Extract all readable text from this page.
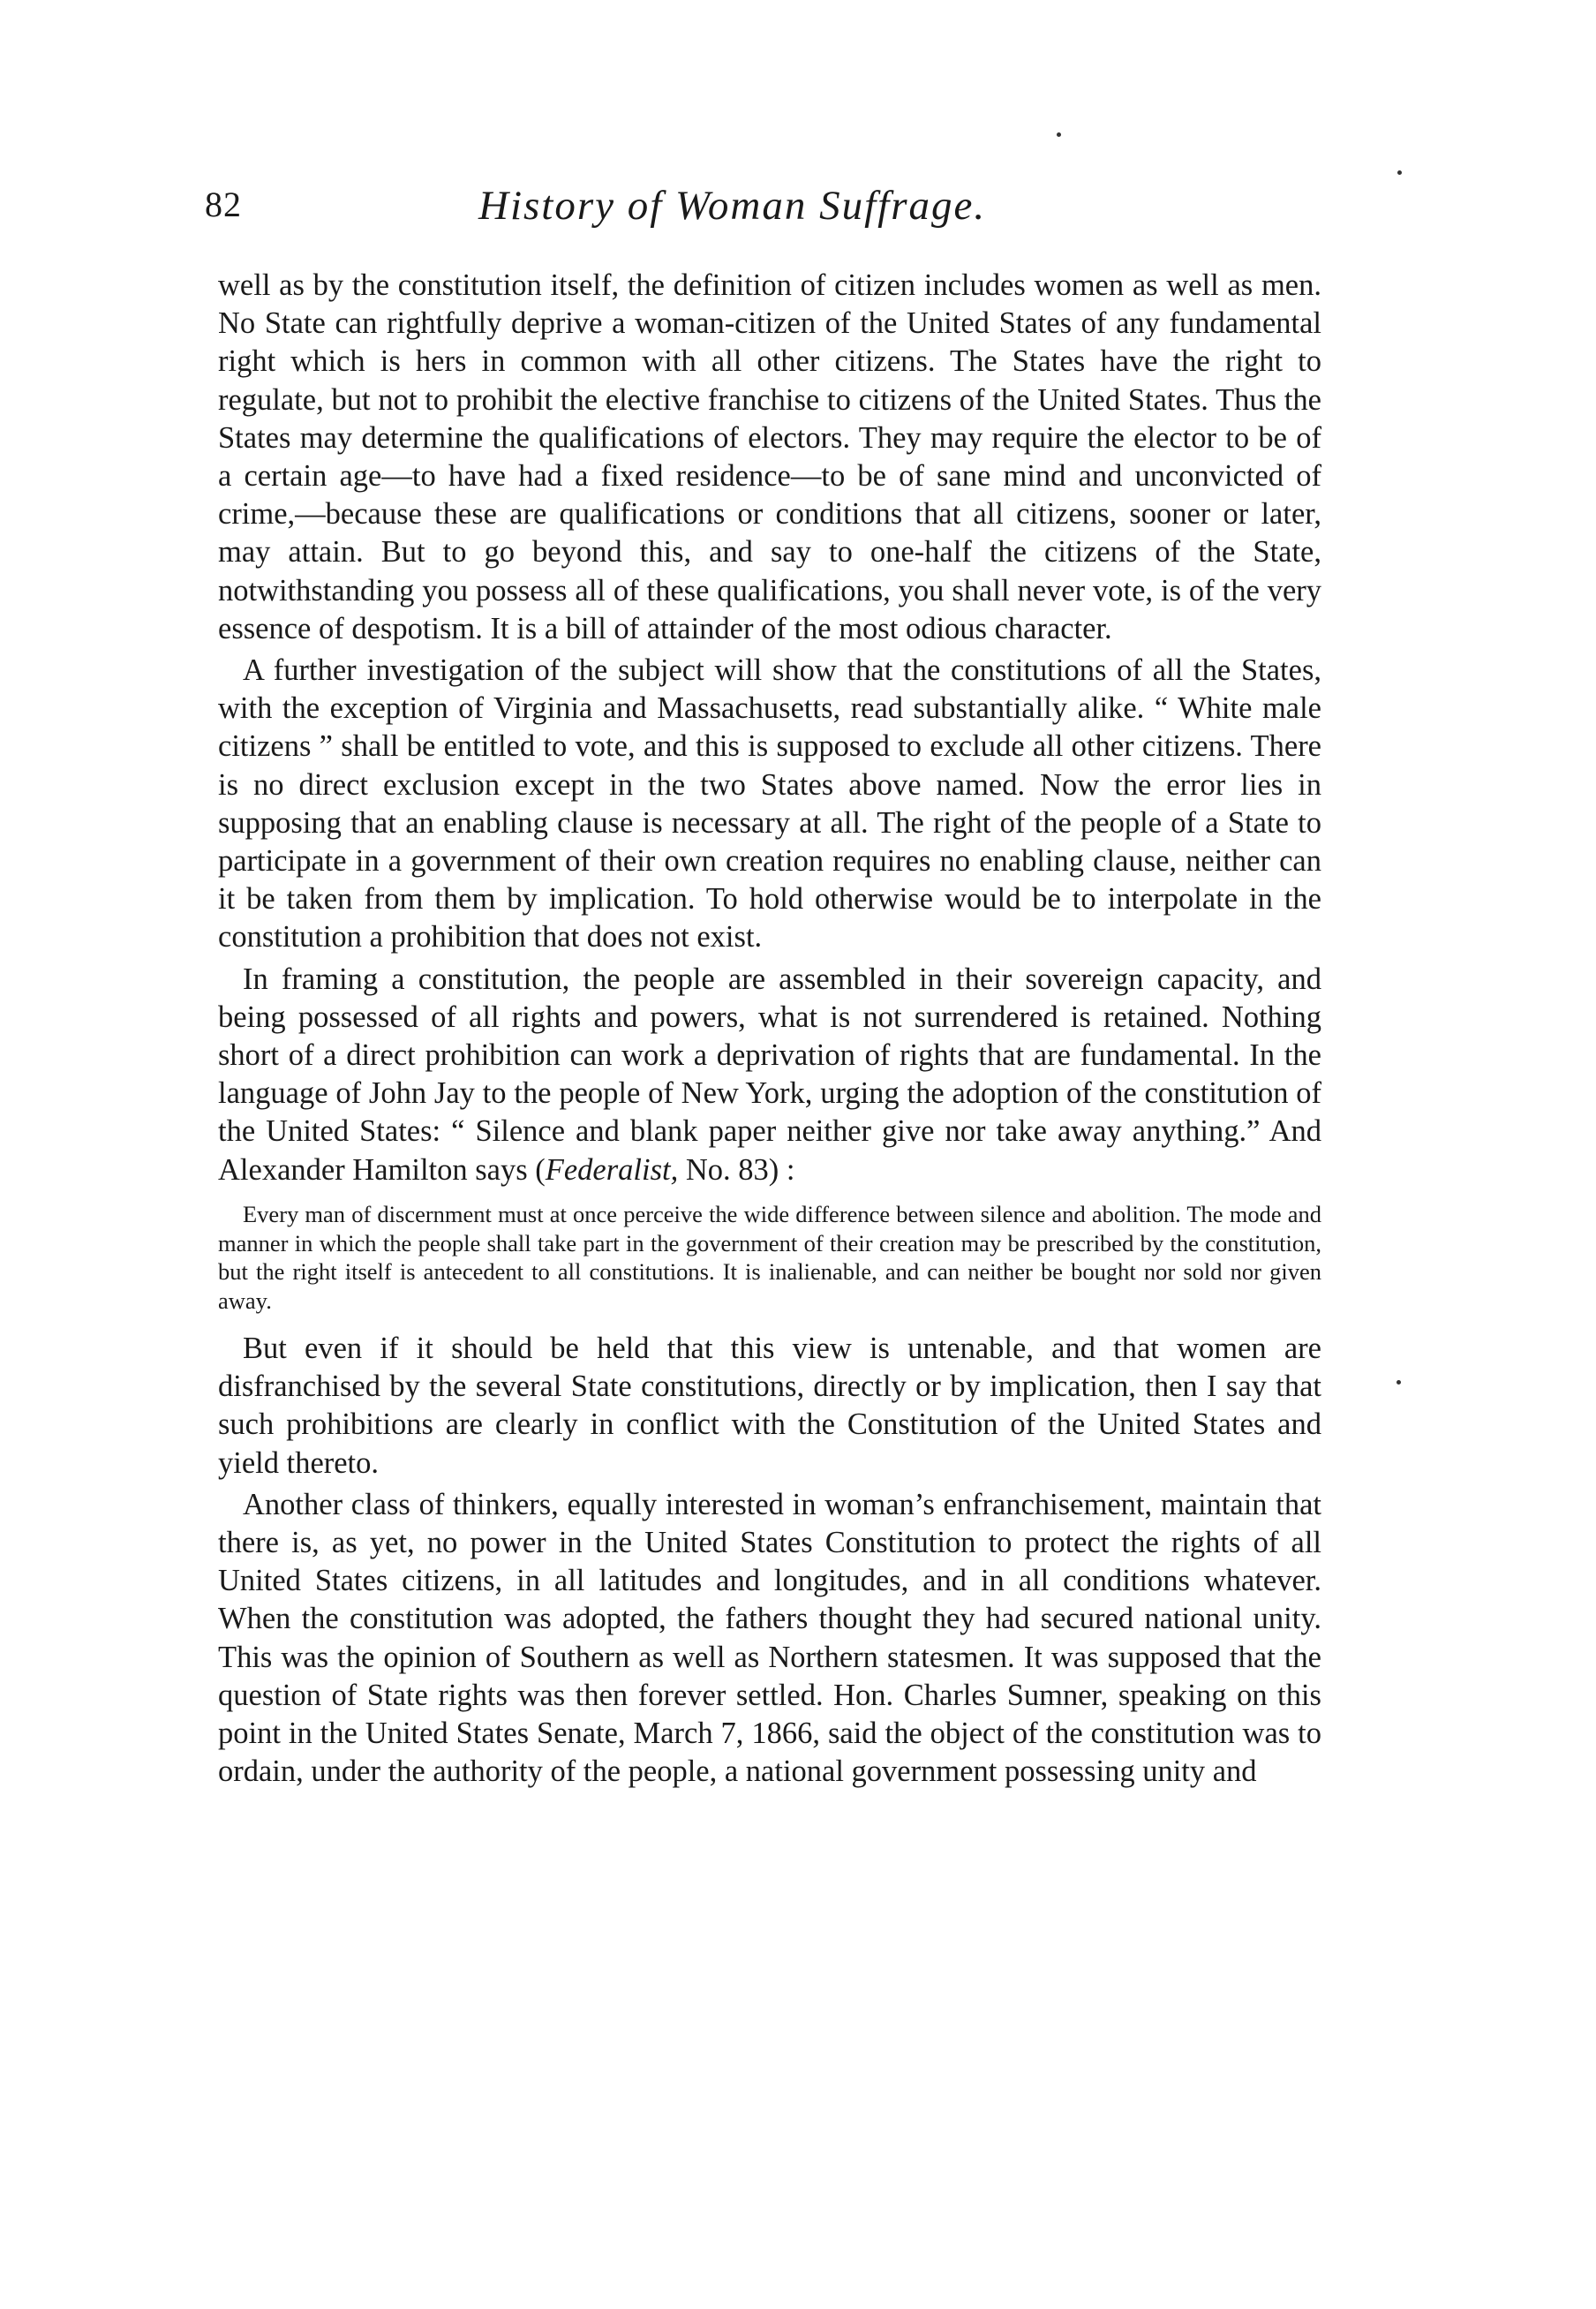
82	History of Woman Suffrage.

well as by the constitution itself, the definition of citizen includes women as well as men. No State can rightfully deprive a woman-citizen of the United States of any fundamental right which is hers in common with all other citizens. The States have the right to regulate, but not to prohibit the elective franchise to citizens of the United States. Thus the States may determine the qualifications of electors. They may require the elector to be of a certain age—to have had a fixed residence—to be of sane mind and unconvicted of crime,—because these are qualifications or conditions that all citizens, sooner or later, may attain. But to go beyond this, and say to one-half the citizens of the State, notwithstanding you possess all of these qualifications, you shall never vote, is of the very essence of despotism. It is a bill of attainder of the most odious character.

A further investigation of the subject will show that the constitutions of all the States, with the exception of Virginia and Massachusetts, read substantially alike. “ White male citizens ” shall be entitled to vote, and this is supposed to exclude all other citizens. There is no direct exclusion except in the two States above named. Now the error lies in supposing that an enabling clause is necessary at all. The right of the people of a State to participate in a government of their own creation requires no enabling clause, neither can it be taken from them by implication. To hold otherwise would be to interpolate in the constitution a prohibition that does not exist.

In framing a constitution, the people are assembled in their sovereign capacity, and being possessed of all rights and powers, what is not surrendered is retained. Nothing short of a direct prohibition can work a deprivation of rights that are fundamental. In the language of John Jay to the people of New York, urging the adoption of the constitution of the United States: “ Silence and blank paper neither give nor take away anything.” And Alexander Hamilton says (Federalist, No. 83) :

Every man of discernment must at once perceive the wide difference between silence and abolition. The mode and manner in which the people shall take part in the government of their creation may be prescribed by the constitution, but the right itself is antecedent to all constitutions. It is inalienable, and can neither be bought nor sold nor given away.

But even if it should be held that this view is untenable, and that women are disfranchised by the several State constitutions, directly or by implication, then I say that such prohibitions are clearly in conflict with the Constitution of the United States and yield thereto.

Another class of thinkers, equally interested in woman’s enfranchisement, maintain that there is, as yet, no power in the United States Constitution to protect the rights of all United States citizens, in all latitudes and longitudes, and in all conditions whatever. When the constitution was adopted, the fathers thought they had secured national unity. This was the opinion of Southern as well as Northern statesmen. It was supposed that the question of State rights was then forever settled. Hon. Charles Sumner, speaking on this point in the United States Senate, March 7, 1866, said the object of the constitution was to ordain, under the authority of the people, a national government possessing unity and
